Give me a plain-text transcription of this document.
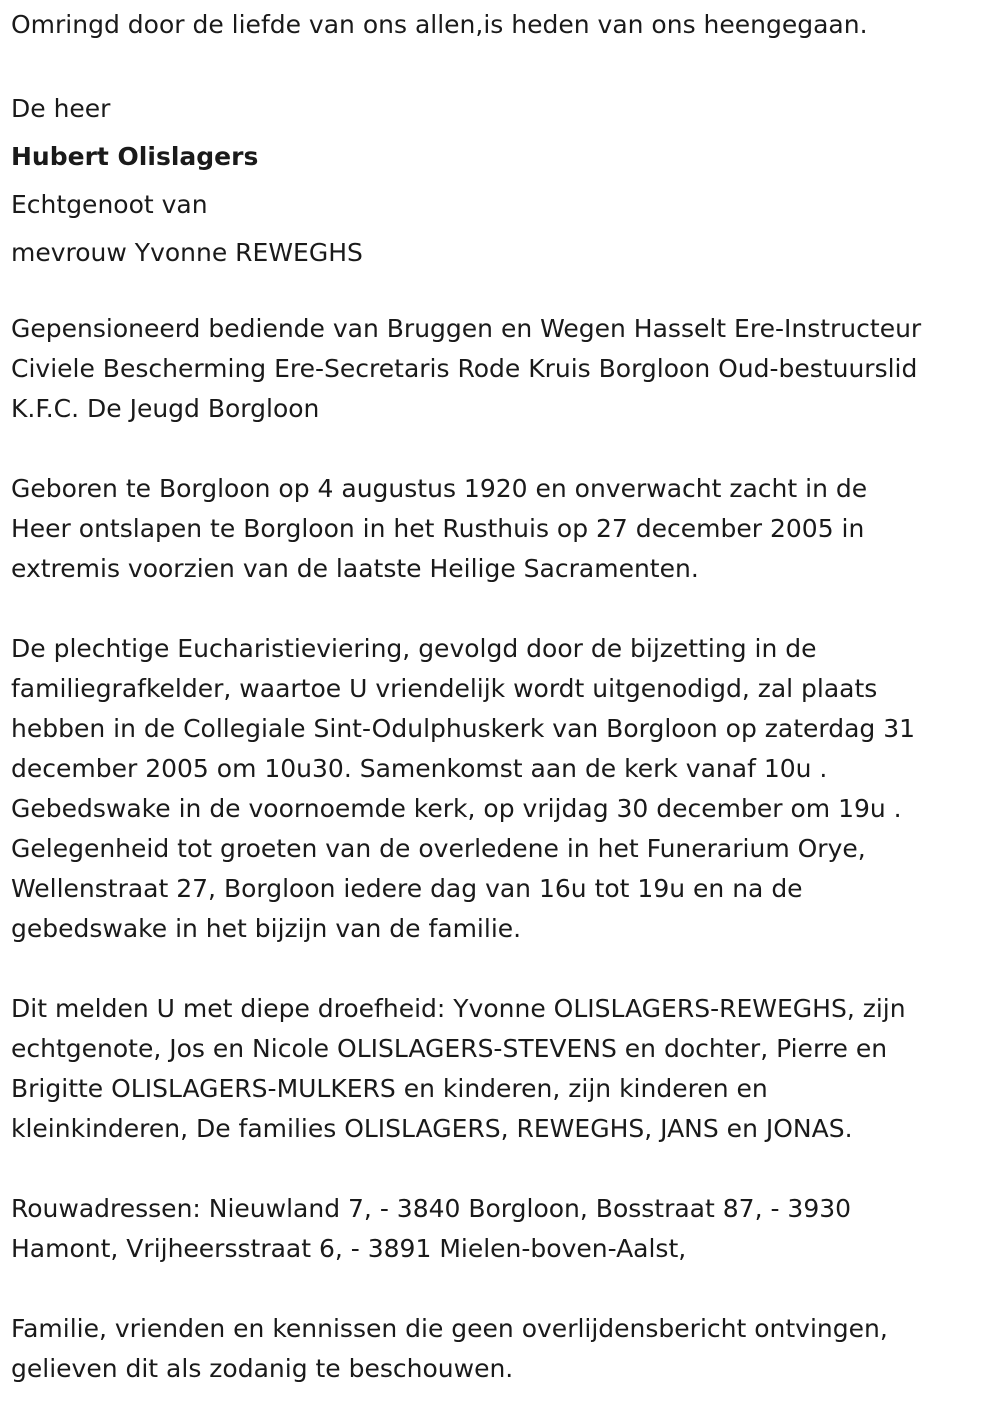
Omringd door de liefde van ons allen,is heden van ons heengegaan.

De heer

Hubert Olislagers

Echtgenoot van

mevrouw Yvonne REWEGHS

Gepensioneerd bediende van Bruggen en Wegen Hasselt Ere-Instructeur

Civiele Bescherming Ere-Secretaris Rode Kruis Borgloon Oud-bestuurslid

K.F.C. De Jeugd Borgloon

Geboren te Borgloon op 4 augustus 1920 en onverwacht zacht in de

Heer ontslapen te Borgloon in het Rusthuis op 27 december 2005 in

extremis voorzien van de laatste Heilige Sacramenten.

De plechtige Eucharistieviering, gevolgd door de bijzetting in de

familiegrafkelder, waartoe U vriendelijk wordt uitgenodigd, zal plaats

hebben in de Collegiale Sint-Odulphuskerk van Borgloon op zaterdag 31

december 2005 om 10u30. Samenkomst aan de kerk vanaf 10u .

Gebedswake in de voornoemde kerk, op vrijdag 30 december om 19u .

Gelegenheid tot groeten van de overledene in het Funerarium Orye,

Wellenstraat 27, Borgloon iedere dag van 16u tot 19u en na de

gebedswake in het bijzijn van de familie.

Dit melden U met diepe droefheid: Yvonne OLISLAGERS-REWEGHS, zijn

echtgenote, Jos en Nicole OLISLAGERS-STEVENS en dochter, Pierre en

Brigitte OLISLAGERS-MULKERS en kinderen, zijn kinderen en

kleinkinderen, De families OLISLAGERS, REWEGHS, JANS en JONAS.

Rouwadressen: Nieuwland 7, - 3840 Borgloon, Bosstraat 87, - 3930

Hamont, Vrijheersstraat 6, - 3891 Mielen-boven-Aalst,

Familie, vrienden en kennissen die geen overlijdensbericht ontvingen,

gelieven dit als zodanig te beschouwen.
